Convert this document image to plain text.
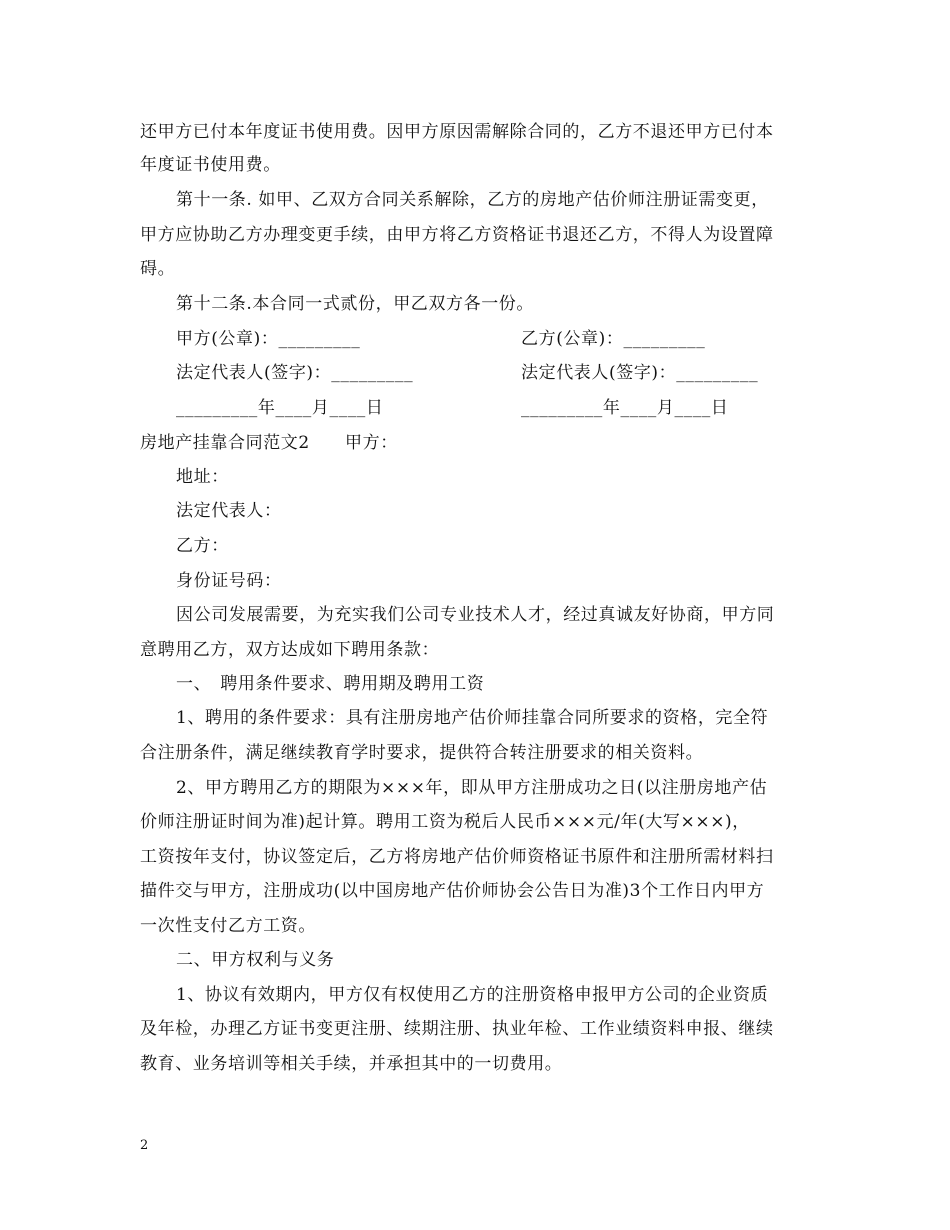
还甲方已付本年度证书使用费。因甲方原因需解除合同的，乙方不退还甲方已付本
年度证书使用费。
第十一条. 如甲、乙双方合同关系解除，乙方的房地产估价师注册证需变更，
甲方应协助乙方办理变更手续，由甲方将乙方资格证书退还乙方，不得人为设置障
碍。
第十二条.本合同一式贰份，甲乙双方各一份。
甲方(公章)：_________	乙方(公章)：_________
法定代表人(签字)：_________	法定代表人(签字)：_________
_________年____月____日	_________年____月____日
房地产挂靠合同范文2　　甲方：
地址：
法定代表人：
乙方：
身份证号码：
因公司发展需要，为充实我们公司专业技术人才，经过真诚友好协商，甲方同
意聘用乙方，双方达成如下聘用条款：
一、　聘用条件要求、聘用期及聘用工资
1、聘用的条件要求：具有注册房地产估价师挂靠合同所要求的资格，完全符
合注册条件，满足继续教育学时要求，提供符合转注册要求的相关资料。
2、甲方聘用乙方的期限为×××年，即从甲方注册成功之日(以注册房地产估
价师注册证时间为准)起计算。聘用工资为税后人民币×××元/年(大写×××)，
工资按年支付，协议签定后，乙方将房地产估价师资格证书原件和注册所需材料扫
描件交与甲方，注册成功(以中国房地产估价师协会公告日为准)3个工作日内甲方
一次性支付乙方工资。
二、甲方权利与义务
1、协议有效期内，甲方仅有权使用乙方的注册资格申报甲方公司的企业资质
及年检，办理乙方证书变更注册、续期注册、执业年检、工作业绩资料申报、继续
教育、业务培训等相关手续，并承担其中的一切费用。
2
